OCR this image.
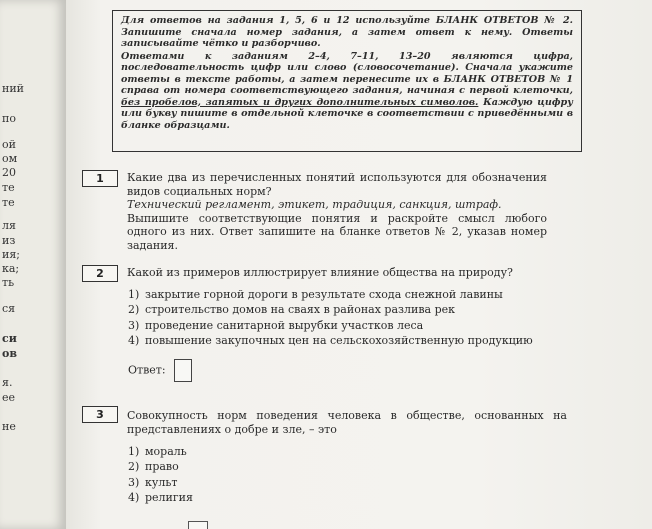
ний
по
ой
ом
20
те
те
ля
из
ия;
ка;
ть
ся
си
ов
я.
ее
не

Для ответов на задания 1, 5, 6 и 12 используйте БЛАНК ОТВЕТОВ № 2. Запишите сначала номер задания, а затем ответ к нему. Ответы записывайте чётко и разборчиво.

Ответами к заданиям 2–4, 7–11, 13–20 являются цифра, последовательность цифр или слово (словосочетание). Сначала укажите ответы в тексте работы, а затем перенесите их в БЛАНК ОТВЕТОВ № 1 справа от номера соответствующего задания, начиная с первой клеточки, без пробелов, запятых и других дополнительных символов. Каждую цифру или букву пишите в отдельной клеточке в соответствии с приведёнными в бланке образцами.

1	Какие два из перечисленных понятий используются для обозначения видов социальных норм?

Технический регламент, этикет, традиция, санкция, штраф.

Выпишите соответствующие понятия и раскройте смысл любого одного из них. Ответ запишите на бланке ответов № 2, указав номер задания.

2	Какой из примеров иллюстрирует влияние общества на природу?
1) закрытие горной дороги в результате схода снежной лавины
2) строительство домов на сваях в районах разлива рек
3) проведение санитарной вырубки участков леса
4) повышение закупочных цен на сельскохозяйственную продукцию
Ответ:
3	Совокупность норм поведения человека в обществе, основанных на представлениях о добре и зле, – это
1) мораль
2) право
3) культ
4) религия
